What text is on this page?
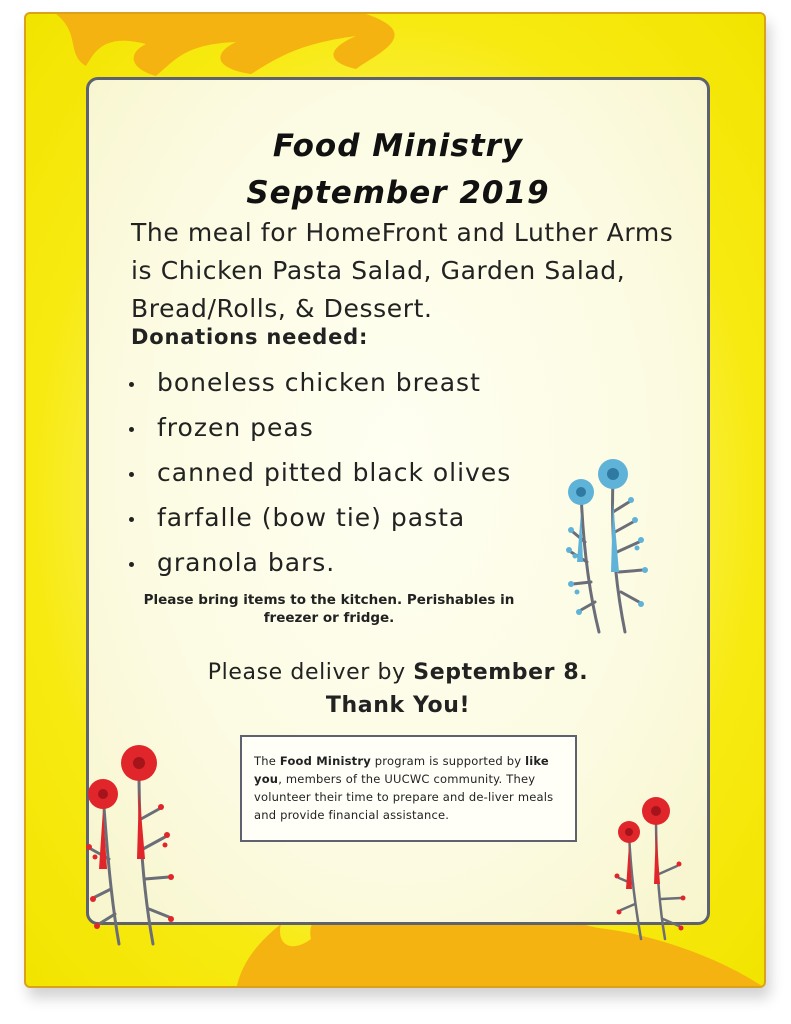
Food Ministry
September 2019

The meal for HomeFront and Luther Arms is Chicken Pasta Salad, Garden Salad, Bread/Rolls, & Dessert.

Donations needed:

boneless chicken breast
frozen peas
canned pitted black olives
farfalle (bow tie) pasta
granola bars.

Please bring items to the kitchen. Perishables in freezer or fridge.

Please deliver by September 8.

Thank You!

The Food Ministry program is supported by like you, members of the UUCWC community. They volunteer their time to prepare and de-liver meals and provide financial assistance.
